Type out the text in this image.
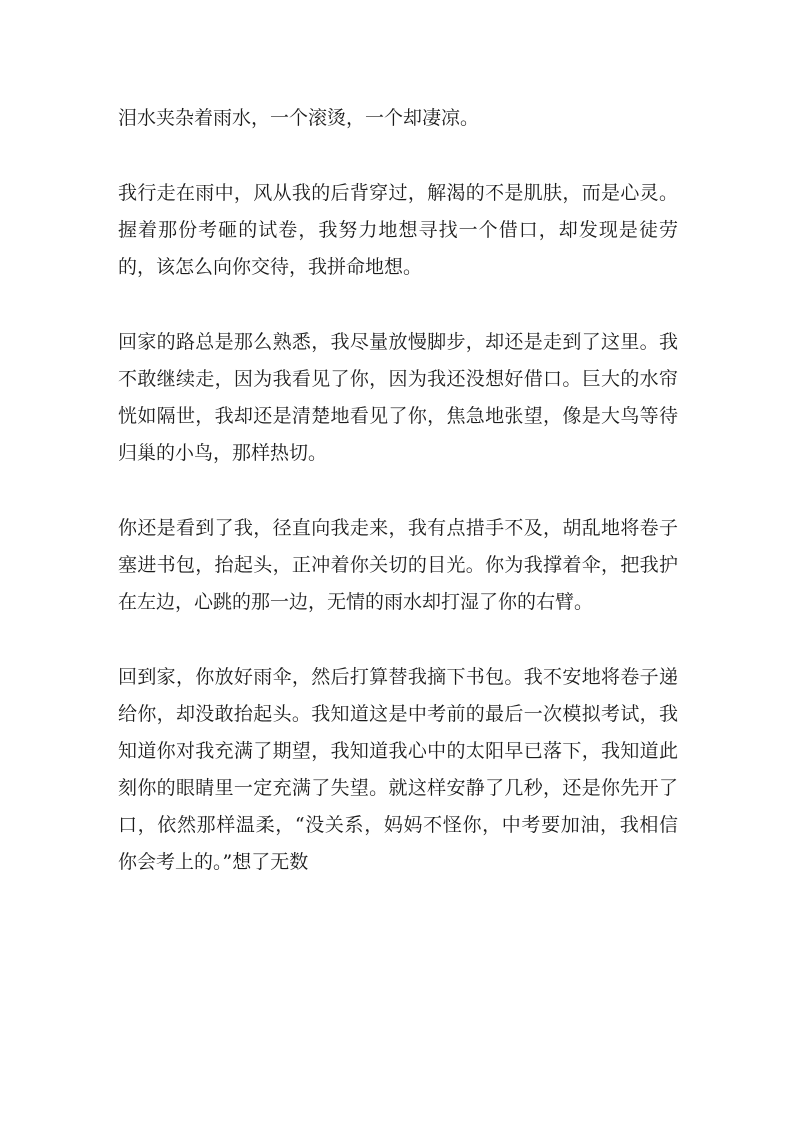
泪水夹杂着雨水，一个滚烫，一个却凄凉。

我行走在雨中，风从我的后背穿过，解渴的不是肌肤，而是心灵。握着那份考砸的试卷，我努力地想寻找一个借口，却发现是徒劳的，该怎么向你交待，我拼命地想。

回家的路总是那么熟悉，我尽量放慢脚步，却还是走到了这里。我不敢继续走，因为我看见了你，因为我还没想好借口。巨大的水帘恍如隔世，我却还是清楚地看见了你，焦急地张望，像是大鸟等待归巢的小鸟，那样热切。

你还是看到了我，径直向我走来，我有点措手不及，胡乱地将卷子塞进书包，抬起头，正冲着你关切的目光。你为我撑着伞，把我护在左边，心跳的那一边，无情的雨水却打湿了你的右臂。

回到家，你放好雨伞，然后打算替我摘下书包。我不安地将卷子递给你，却没敢抬起头。我知道这是中考前的最后一次模拟考试，我知道你对我充满了期望，我知道我心中的太阳早已落下，我知道此刻你的眼睛里一定充满了失望。就这样安静了几秒，还是你先开了口，依然那样温柔，“没关系，妈妈不怪你，中考要加油，我相信你会考上的。”想了无数
